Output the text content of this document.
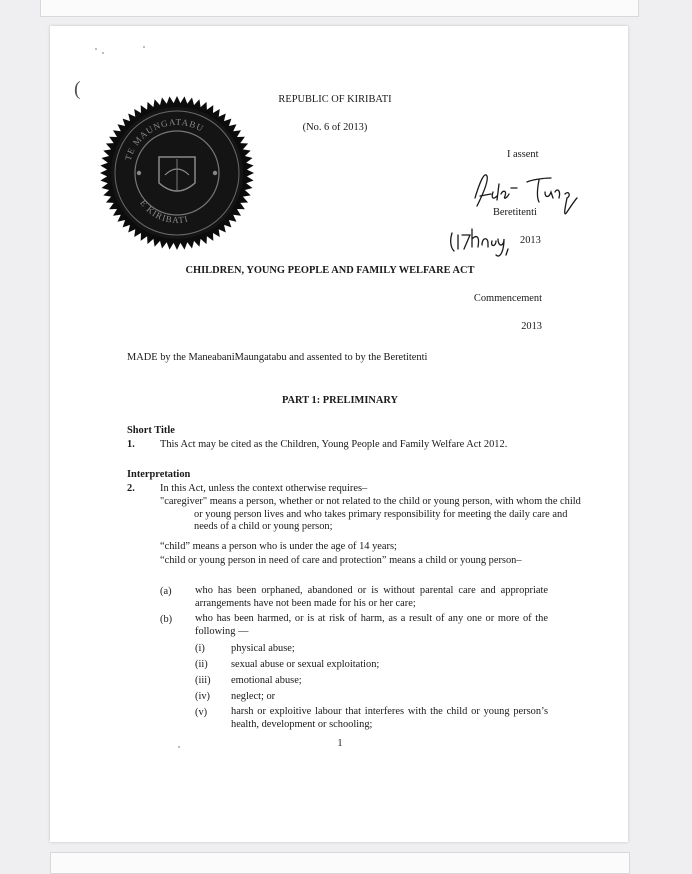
(
TE MAUNGATABU
E KIRIBATI
REPUBLIC OF KIRIBATI
(No. 6 of 2013)
I assent
Beretitenti
2013
CHILDREN, YOUNG PEOPLE AND FAMILY WELFARE ACT
Commencement
2013
MADE by the ManeabaniMaungatabu and assented to by the Beretitenti
PART 1: PRELIMINARY
Short Title
1. This Act may be cited as the Children, Young People and Family Welfare Act 2012.
Interpretation
2. In this Act, unless the context otherwise requires–
"caregiver" means a person, whether or not related to the child or young person, with whom the child or young person lives and who takes primary responsibility for meeting the daily care and needs of a child or young person;
“child” means a person who is under the age of 14 years;
“child or young person in need of care and protection” means a child or young person–
(a) who has been orphaned, abandoned or is without parental care and appropriate arrangements have not been made for his or her care;
(b) who has been harmed, or is at risk of harm, as a result of any one or more of the following —
(i)	physical abuse;
(ii) sexual abuse or sexual exploitation;
(iii) emotional abuse;
(iv) neglect; or
(v) harsh or exploitive labour that interferes with the child or young person’s health, development or schooling;
1
